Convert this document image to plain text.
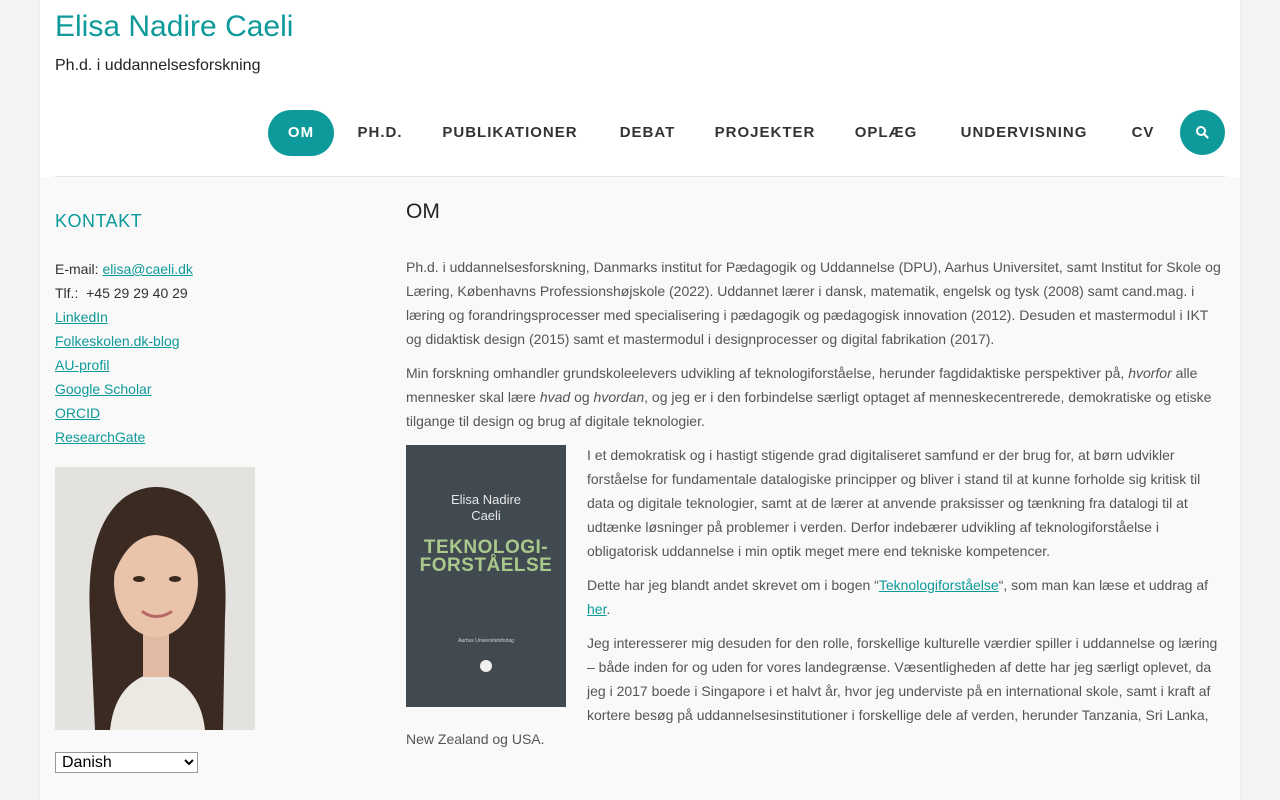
Elisa Nadire Caeli
Ph.d. i uddannelsesforskning
OM	PH.D.	PUBLIKATIONER	DEBAT	PROJEKTER	OPLÆG	UNDERVISNING	CV
KONTAKT
E-mail: elisa@caeli.dk
Tlf.: +45 29 29 40 29
LinkedIn
Folkeskolen.dk-blog
AU-profil
Google Scholar
ORCID
ResearchGate
Danish
OM

Ph.d. i uddannelsesforskning, Danmarks institut for Pædagogik og Uddannelse (DPU), Aarhus Universitet, samt Institut for Skole og Læring, Københavns Professionshøjskole (2022). Uddannet lærer i dansk, matematik, engelsk og tysk (2008) samt cand.mag. i læring og forandringsprocesser med specialisering i pædagogik og pædagogisk innovation (2012). Desuden et mastermodul i IKT og didaktisk design (2015) samt et mastermodul i designprocesser og digital fabrikation (2017).

Min forskning omhandler grundskoleelevers udvikling af teknologiforståelse, herunder fagdidaktiske perspektiver på, hvorfor alle mennesker skal lære hvad og hvordan, og jeg er i den forbindelse særligt optaget af menneskecentrerede, demokratiske og etiske tilgange til design og brug af digitale teknologier.

Elisa Nadire
Caeli
TEKNOLOGI-
FORSTÅELSE
Aarhus Universitetsforlag

I et demokratisk og i hastigt stigende grad digitaliseret samfund er der brug for, at børn udvikler forståelse for fundamentale datalogiske principper og bliver i stand til at kunne forholde sig kritisk til data og digitale teknologier, samt at de lærer at anvende praksisser og tænkning fra datalogi til at udtænke løsninger på problemer i verden. Derfor indebærer udvikling af teknologiforståelse i obligatorisk uddannelse i min optik meget mere end tekniske kompetencer.

Dette har jeg blandt andet skrevet om i bogen “Teknologiforståelse“, som man kan læse et uddrag af her.

Jeg interesserer mig desuden for den rolle, forskellige kulturelle værdier spiller i uddannelse og læring – både inden for og uden for vores landegrænse. Væsentligheden af dette har jeg særligt oplevet, da jeg i 2017 boede i Singapore i et halvt år, hvor jeg underviste på en international skole, samt i kraft af kortere besøg på uddannelsesinstitutioner i forskellige dele af verden, herunder Tanzania, Sri Lanka, New Zealand og USA.
